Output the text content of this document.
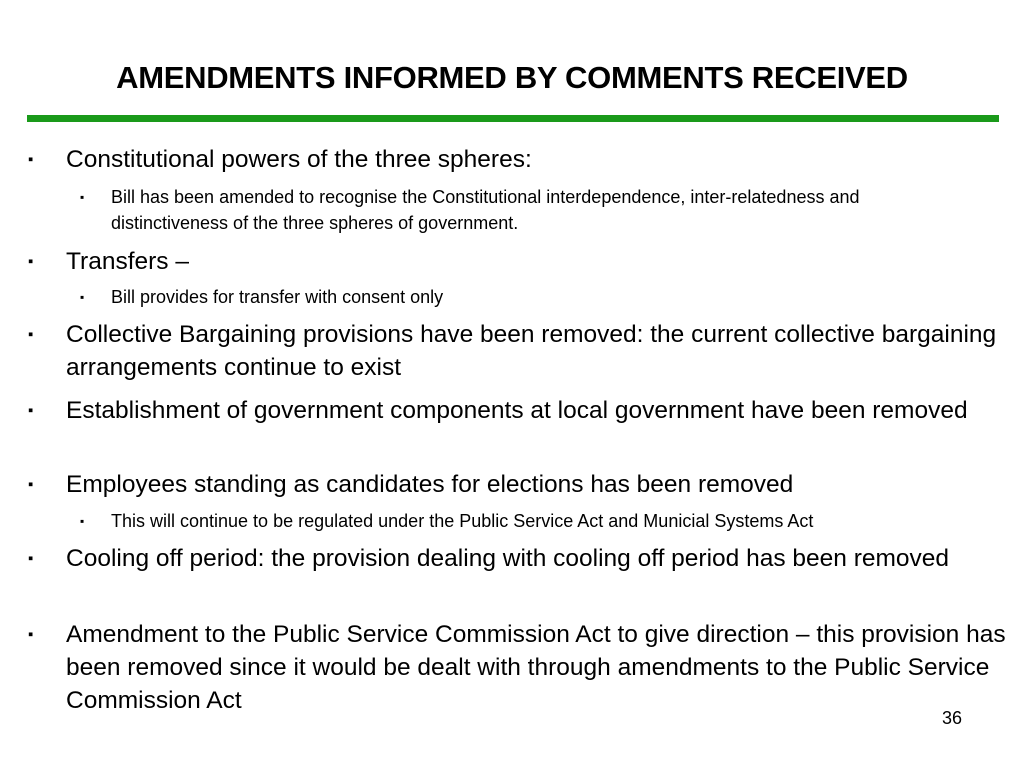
AMENDMENTS INFORMED BY COMMENTS RECEIVED
▪ Constitutional powers of the three spheres:
▪ Bill has been amended to recognise the Constitutional interdependence, inter-relatedness and distinctiveness of the three spheres of government.
▪ Transfers –
▪ Bill provides for transfer with consent only
▪ Collective Bargaining provisions have been removed: the current collective bargaining arrangements continue to exist
▪ Establishment of government components at local government have been removed
▪ Employees standing as candidates for elections has been removed
▪ This will continue to be regulated under the Public Service Act and Municial Systems Act
▪ Cooling off period: the provision dealing with cooling off period has been removed
▪ Amendment to the Public Service Commission Act to give direction – this provision has been removed since it would be dealt with through amendments to the Public Service Commission Act
36
